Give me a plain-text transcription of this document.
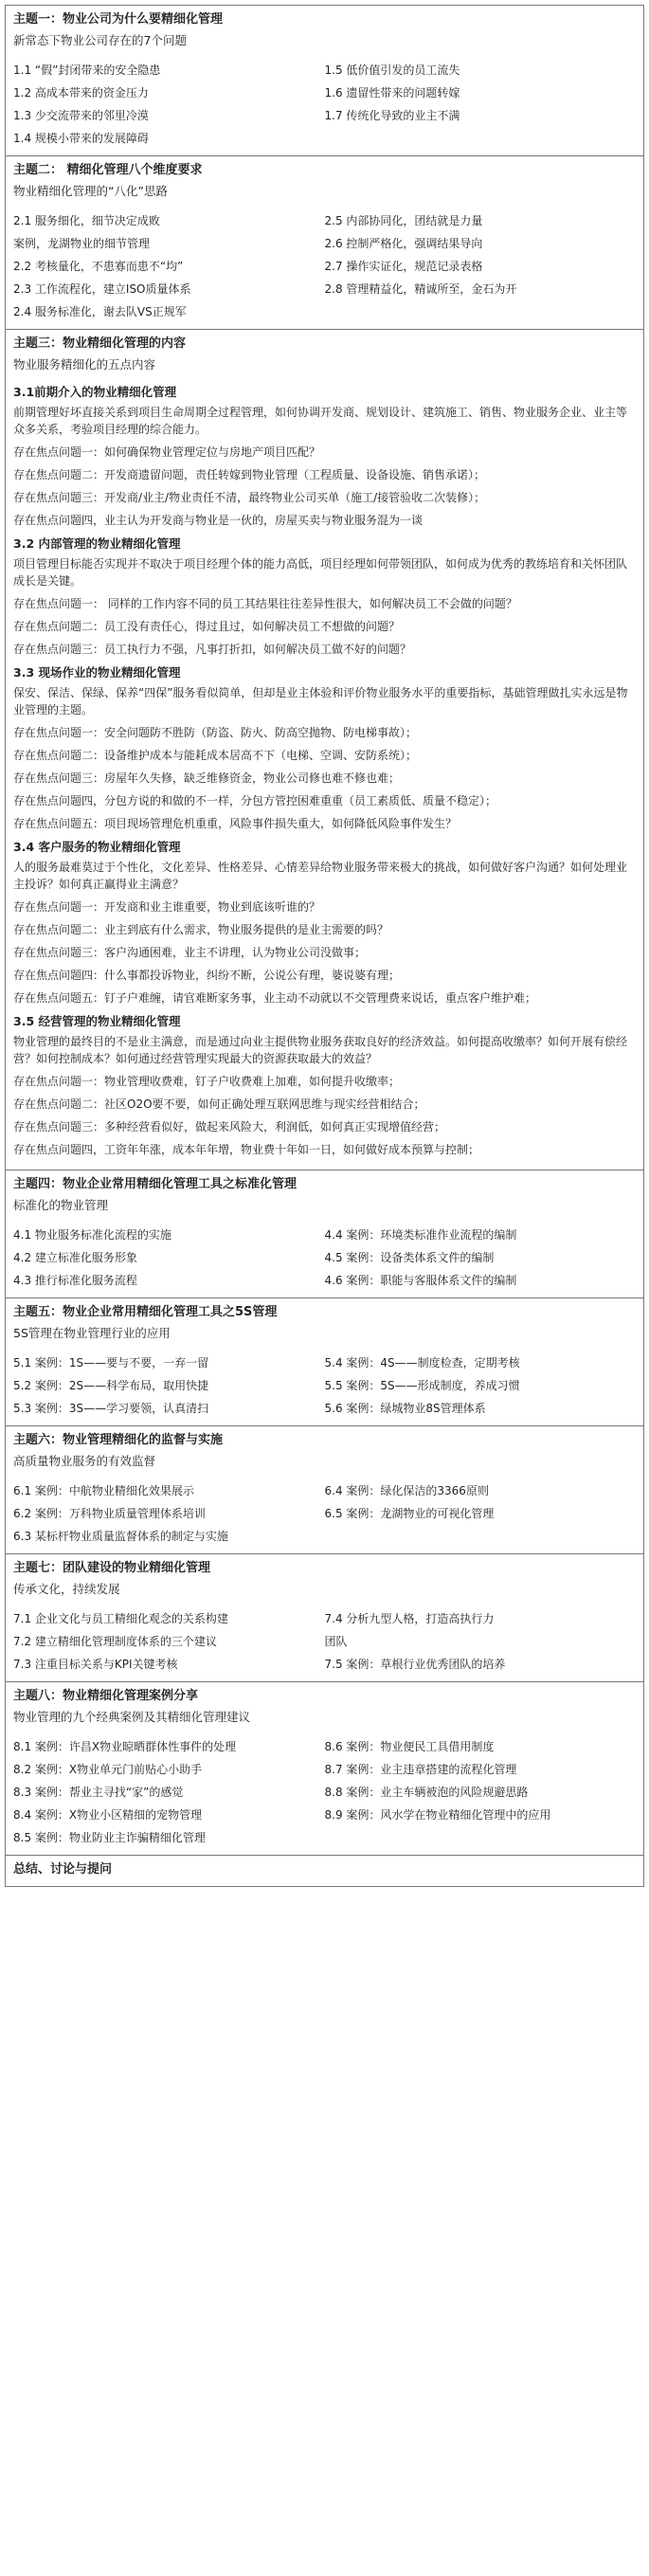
主题一：物业公司为什么要精细化管理
新常态下物业公司存在的7个问题
1.1 “假”封闭带来的安全隐患	1.5 低价值引发的员工流失
1.2 高成本带来的资金压力	1.6 遗留性带来的问题转嫁
1.3 少交流带来的邻里冷漠	1.7 传统化导致的业主不满
1.4 规模小带来的发展障碍
主题二： 精细化管理八个维度要求
物业精细化管理的“八化”思路
2.1 服务细化，细节决定成败	2.5 内部协同化，团结就是力量
案例，龙湖物业的细节管理	2.6 控制严格化，强调结果导向
2.2 考核量化，不患寡而患不“均”	2.7 操作实证化，规范记录表格
2.3 工作流程化，建立ISO质量体系	2.8 管理精益化，精诚所至，金石为开
2.4 服务标准化，谢去队VS正规军
主题三：物业精细化管理的内容
物业服务精细化的五点内容
3.1前期介入的物业精细化管理
前期管理好坏直接关系到项目生命周期全过程管理，如何协调开发商、规划设计、建筑施工、销售、物业服务企业、业主等众多关系，考验项目经理的综合能力。
存在焦点问题一：如何确保物业管理定位与房地产项目匹配？
存在焦点问题二：开发商遗留问题，责任转嫁到物业管理（工程质量、设备设施、销售承诺）；
存在焦点问题三：开发商/业主/物业责任不清，最终物业公司买单（施工/接管验收二次装修）；
存在焦点问题四，业主认为开发商与物业是一伙的，房屋买卖与物业服务混为一谈
3.2 内部管理的物业精细化管理
项目管理目标能否实现并不取决于项目经理个体的能力高低，项目经理如何带领团队，如何成为优秀的教练培育和关怀团队成长是关键。
存在焦点问题一： 同样的工作内容不同的员工其结果往往差异性很大，如何解决员工不会做的问题？
存在焦点问题二：员工没有责任心，得过且过，如何解决员工不想做的问题？
存在焦点问题三：员工执行力不强，凡事打折扣，如何解决员工做不好的问题？
3.3 现场作业的物业精细化管理
保安、保洁、保绿、保养“四保”服务看似简单，但却是业主体验和评价物业服务水平的重要指标，基础管理做扎实永远是物业管理的主题。
存在焦点问题一：安全问题防不胜防（防盗、防火、防高空抛物、防电梯事故）；
存在焦点问题二：设备维护成本与能耗成本居高不下（电梯、空调、安防系统）；
存在焦点问题三：房屋年久失修，缺乏维修资金，物业公司修也难不修也难；
存在焦点问题四，分包方说的和做的不一样，分包方管控困难重重（员工素质低、质量不稳定）；
存在焦点问题五：项目现场管理危机重重，风险事件损失重大，如何降低风险事件发生？
3.4 客户服务的物业精细化管理
人的服务最难莫过于个性化，文化差异、性格差异、心情差异给物业服务带来极大的挑战，如何做好客户沟通？如何处理业主投诉？如何真正赢得业主满意？
存在焦点问题一：开发商和业主谁重要，物业到底该听谁的？
存在焦点问题二：业主到底有什么需求，物业服务提供的是业主需要的吗？
存在焦点问题三：客户沟通困难，业主不讲理，认为物业公司没做事；
存在焦点问题四：什么事都投诉物业，纠纷不断，公说公有理，婆说婆有理；
存在焦点问题五：钉子户难缠，请官难断家务事，业主动不动就以不交管理费来说话，重点客户维护难；
3.5 经营管理的物业精细化管理
物业管理的最终目的不是业主满意，而是通过向业主提供物业服务获取良好的经济效益。如何提高收缴率？如何开展有偿经营？如何控制成本？如何通过经营管理实现最大的资源获取最大的效益？
存在焦点问题一：物业管理收费难，钉子户收费难上加难，如何提升收缴率；
存在焦点问题二：社区O2O要不要，如何正确处理互联网思维与现实经营相结合；
存在焦点问题三：多种经营看似好，做起来风险大，利润低，如何真正实现增值经营；
存在焦点问题四，工资年年涨，成本年年增，物业费十年如一日，如何做好成本预算与控制；
主题四：物业企业常用精细化管理工具之标准化管理
标准化的物业管理
4.1 物业服务标准化流程的实施	4.4 案例：环境类标准作业流程的编制
4.2 建立标准化服务形象	4.5 案例：设备类体系文件的编制
4.3 推行标准化服务流程	4.6 案例：职能与客服体系文件的编制
主题五：物业企业常用精细化管理工具之5S管理
5S管理在物业管理行业的应用
5.1 案例：1S——要与不要，一弃一留	5.4 案例：4S——制度检查，定期考核
5.2 案例：2S——科学布局，取用快捷	5.5 案例：5S——形成制度，养成习惯
5.3 案例：3S——学习要领，认真清扫	5.6 案例：绿城物业8S管理体系
主题六：物业管理精细化的监督与实施
高质量物业服务的有效监督
6.1 案例：中航物业精细化效果展示	6.4 案例：绿化保洁的3366原则
6.2 案例：万科物业质量管理体系培训	6.5 案例：龙湖物业的可视化管理
6.3 某标杆物业质量监督体系的制定与实施
主题七：团队建设的物业精细化管理
传承文化，持续发展
7.1 企业文化与员工精细化观念的关系构建	7.4 分析九型人格，打造高执行力
7.2 建立精细化管理制度体系的三个建议	团队
7.3 注重目标关系与KPI关键考核	7.5 案例：草根行业优秀团队的培养
主题八：物业精细化管理案例分享
物业管理的九个经典案例及其精细化管理建议
8.1 案例：许昌X物业晾晒群体性事件的处理	8.6 案例：物业便民工具借用制度
8.2 案例：X物业单元门前贴心小助手	8.7 案例：业主违章搭建的流程化管理
8.3 案例：帮业主寻找“家”的感觉	8.8 案例：业主车辆被泡的风险规避思路
8.4 案例：X物业小区精细的宠物管理	8.9 案例：风水学在物业精细化管理中的应用
8.5 案例：物业防业主诈骗精细化管理
总结、讨论与提问
